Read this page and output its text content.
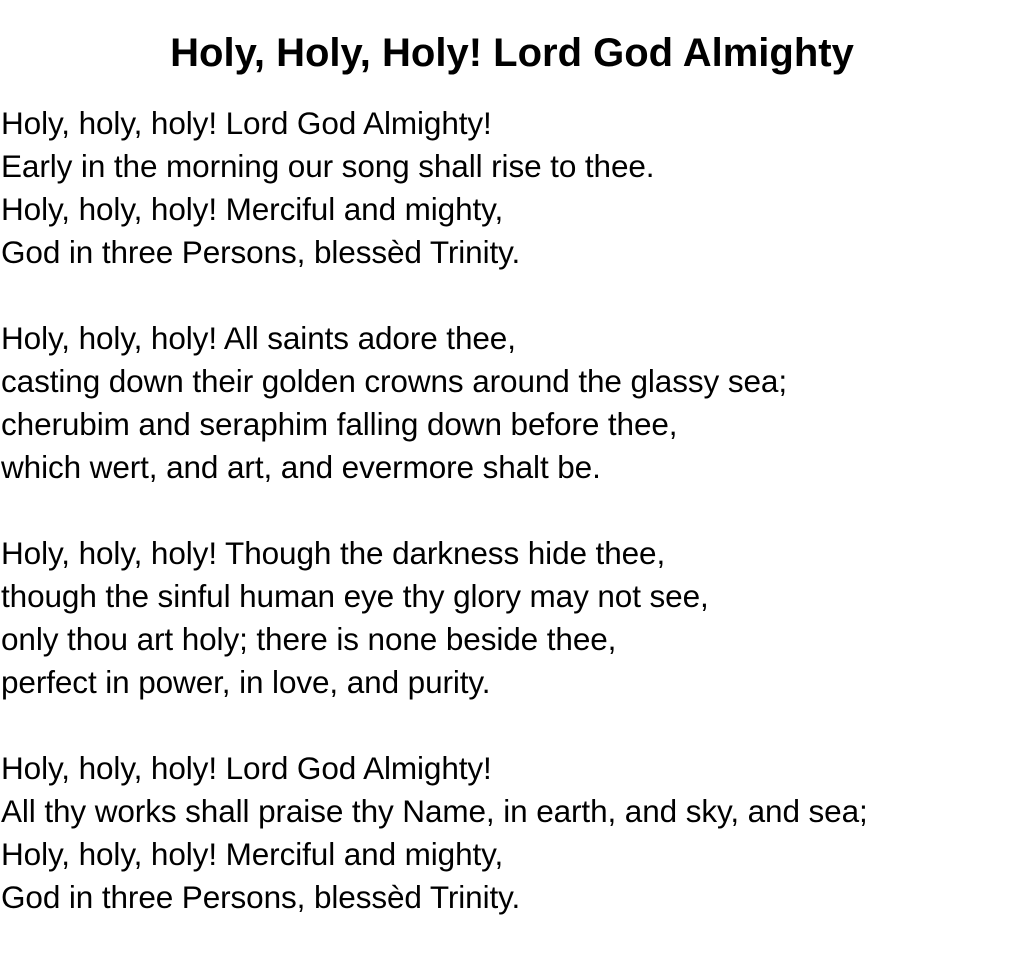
Holy, Holy, Holy! Lord God Almighty
Holy, holy, holy! Lord God Almighty!
Early in the morning our song shall rise to thee.
Holy, holy, holy! Merciful and mighty,
God in three Persons, blessèd Trinity.
Holy, holy, holy! All saints adore thee,
casting down their golden crowns around the glassy sea;
cherubim and seraphim falling down before thee,
which wert, and art, and evermore shalt be.
Holy, holy, holy! Though the darkness hide thee,
though the sinful human eye thy glory may not see,
only thou art holy; there is none beside thee,
perfect in power, in love, and purity.
Holy, holy, holy! Lord God Almighty!
All thy works shall praise thy Name, in earth, and sky, and sea;
Holy, holy, holy! Merciful and mighty,
God in three Persons, blessèd Trinity.
